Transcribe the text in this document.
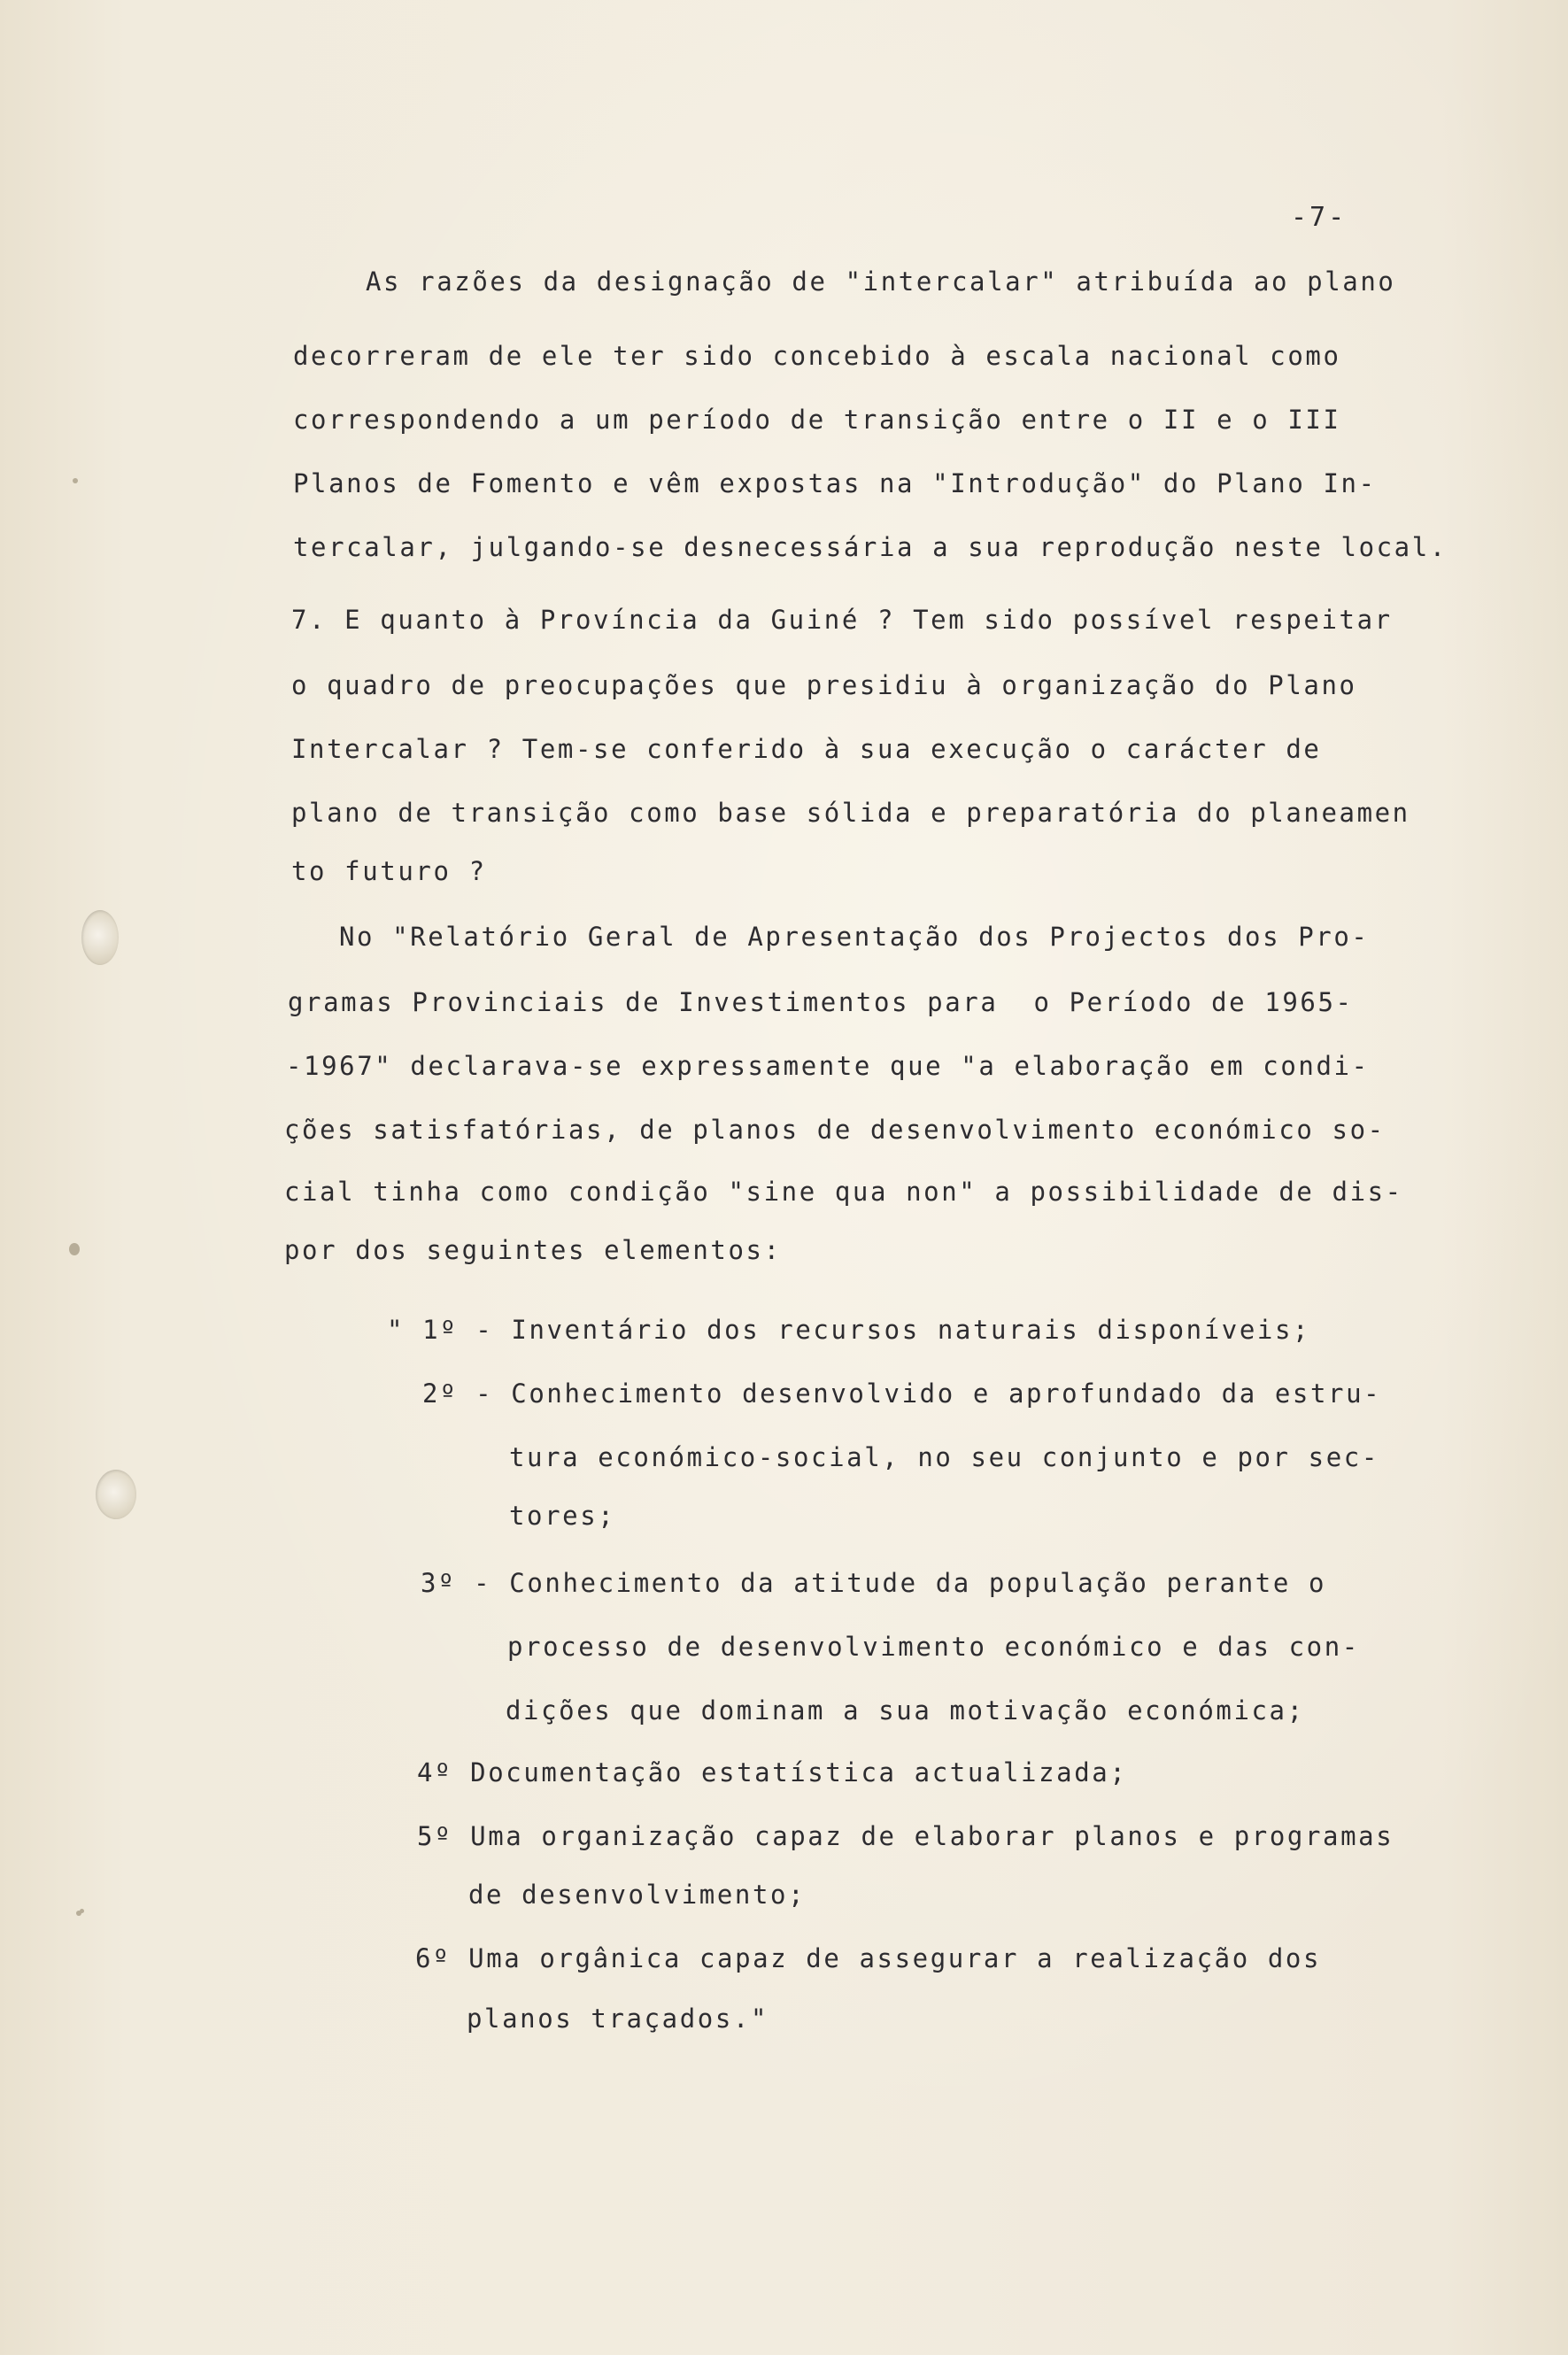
-7-
As razões da designação de "intercalar" atribuída ao plano
decorreram de ele ter sido concebido à escala nacional como
correspondendo a um período de transição entre o II e o III
Planos de Fomento e vêm expostas na "Introdução" do Plano In-
tercalar, julgando-se desnecessária a sua reprodução neste local.
7. E quanto à Província da Guiné ? Tem sido possível respeitar
o quadro de preocupações que presidiu à organização do Plano
Intercalar ? Tem-se conferido à sua execução o carácter de
plano de transição como base sólida e preparatória do planeamen
to futuro ?
No "Relatório Geral de Apresentação dos Projectos dos Pro-
gramas Provinciais de Investimentos para  o Período de 1965-
-1967" declarava-se expressamente que "a elaboração em condi-
ções satisfatórias, de planos de desenvolvimento económico so-
cial tinha como condição "sine qua non" a possibilidade de dis-
por dos seguintes elementos:
" 1º - Inventário dos recursos naturais disponíveis;
2º - Conhecimento desenvolvido e aprofundado da estru-
tura económico-social, no seu conjunto e por sec-
tores;
3º - Conhecimento da atitude da população perante o
processo de desenvolvimento económico e das con-
dições que dominam a sua motivação económica;
4º Documentação estatística actualizada;
5º Uma organização capaz de elaborar planos e programas
de desenvolvimento;
6º Uma orgânica capaz de assegurar a realização dos
planos traçados."
